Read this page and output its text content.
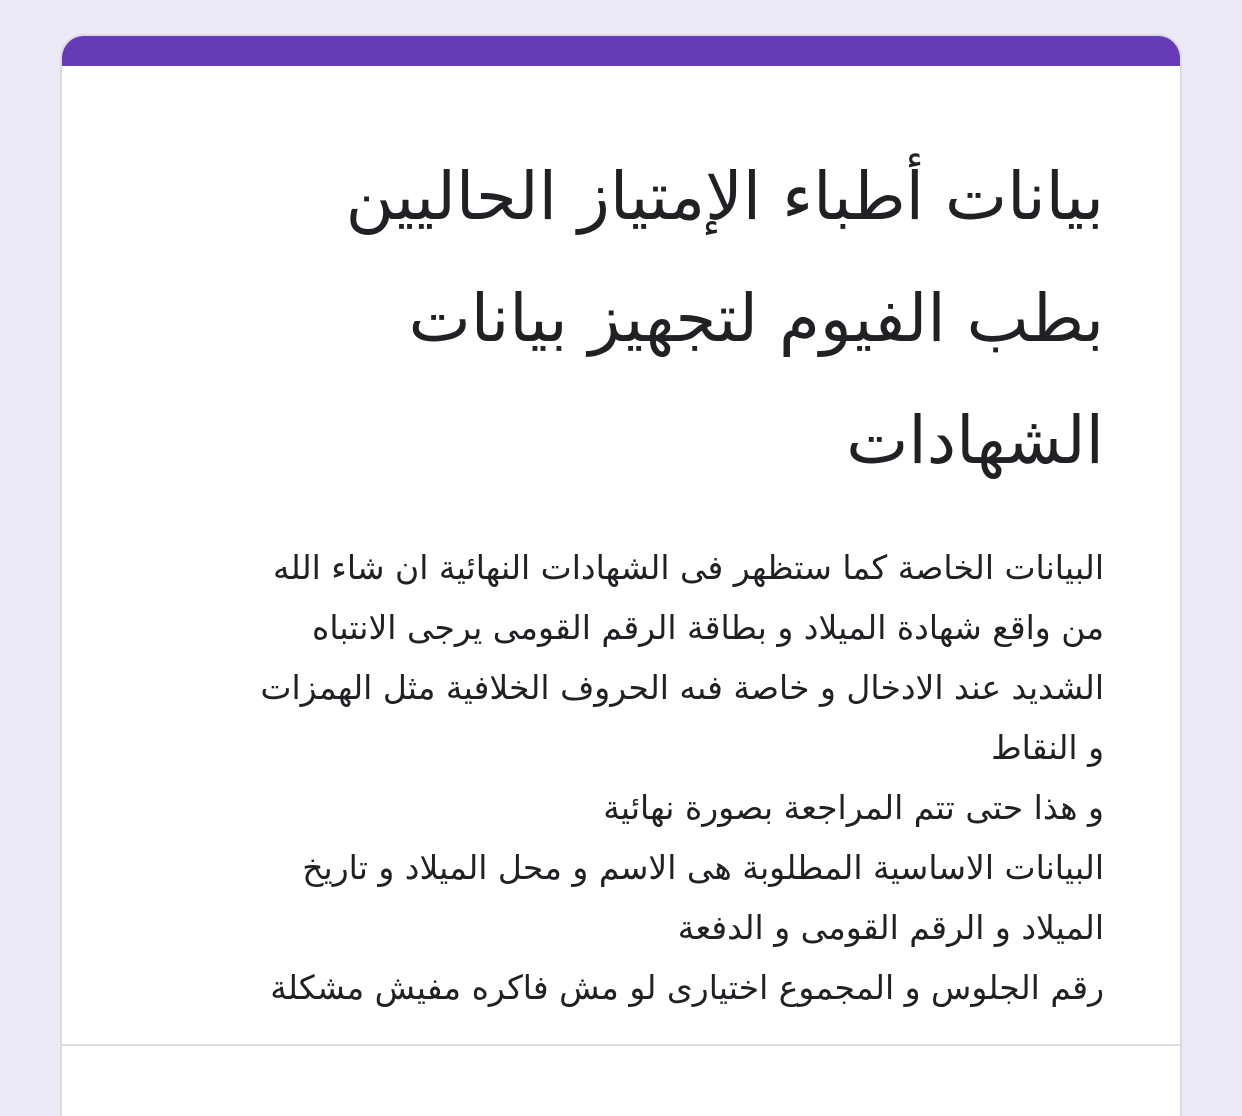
بيانات أطباء الإمتياز الحاليين
بطب الفيوم لتجهيز بيانات
الشهادات
البيانات الخاصة كما ستظهر فى الشهادات النهائية ان شاء الله
من واقع شهادة الميلاد و بطاقة الرقم القومى يرجى الانتباه
الشديد عند الادخال و خاصة فىه الحروف الخلافية مثل الهمزات
و النقاط
و هذا حتى تتم المراجعة بصورة نهائية
البيانات الاساسية المطلوبة هى الاسم و محل الميلاد و تاريخ
الميلاد و الرقم القومى و الدفعة
رقم الجلوس و المجموع اختيارى لو مش فاكره مفيش مشكلة
